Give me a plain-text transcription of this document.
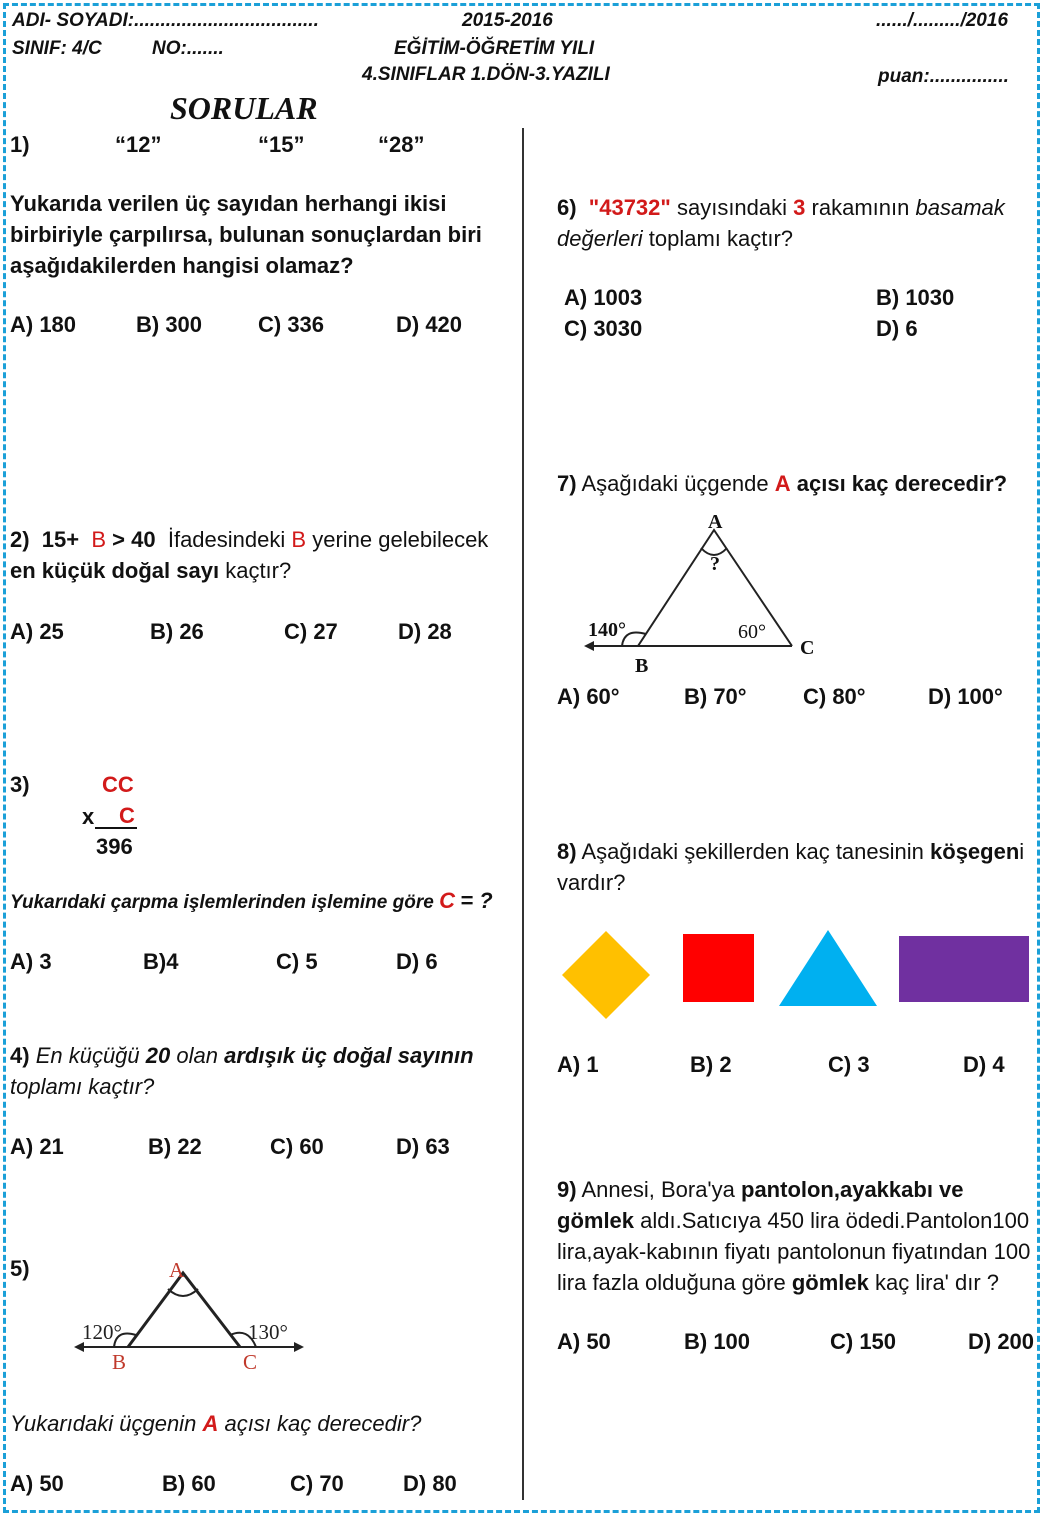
ADI- SOYADI:...................................	2015-2016	....../........./2016
SINIF: 4/C	NO:.......	EĞİTİM-ÖĞRETİM YILI
4.SINIFLAR 1.DÖN-3.YAZILI	puan:...............
SORULAR
1)	“12”	“15”	“28”
Yukarıda verilen üç sayıdan herhangi ikisi birbiriyle çarpılırsa, bulunan sonuçlardan biri aşağıdakilerden hangisi olamaz?
A) 180	B) 300	C) 336	D) 420
2) 15+ B > 40 İfadesindeki B yerine gelebilecek en küçük doğal sayı kaçtır?
A) 25	B) 26	C) 27	D) 28
3)	CC
x C
396
Yukarıdaki çarpma işlemlerinden işlemine göre C = ?
A) 3	B)4	C) 5	D) 6
4) En küçüğü 20 olan ardışık üç doğal sayının toplamı kaçtır?
A) 21	B) 22	C) 60	D) 63
5)	A
B	C
120°	130°
Yukarıdaki üçgenin A açısı kaç derecedir?
A) 50	B) 60	C) 70	D) 80
6) "43732" sayısındaki 3 rakamının basamak değerleri toplamı kaçtır?
A) 1003	B) 1030
C) 3030	D) 6
7) Aşağıdaki üçgende A açısı kaç derecedir?
A
B
C
?
140°	60°
A) 60°	B) 70°	C) 80°	D) 100°
8) Aşağıdaki şekillerden kaç tanesinin köşegeni vardır?
A) 1	B) 2	C) 3	D) 4
9) Annesi, Bora'ya pantolon,ayakkabı ve gömlek aldı.Satıcıya 450 lira ödedi.Pantolon100 lira,ayak-kabının fiyatı pantolonun fiyatından 100 lira fazla olduğuna göre gömlek kaç lira' dır ?
A) 50	B) 100	C) 150	D) 200
